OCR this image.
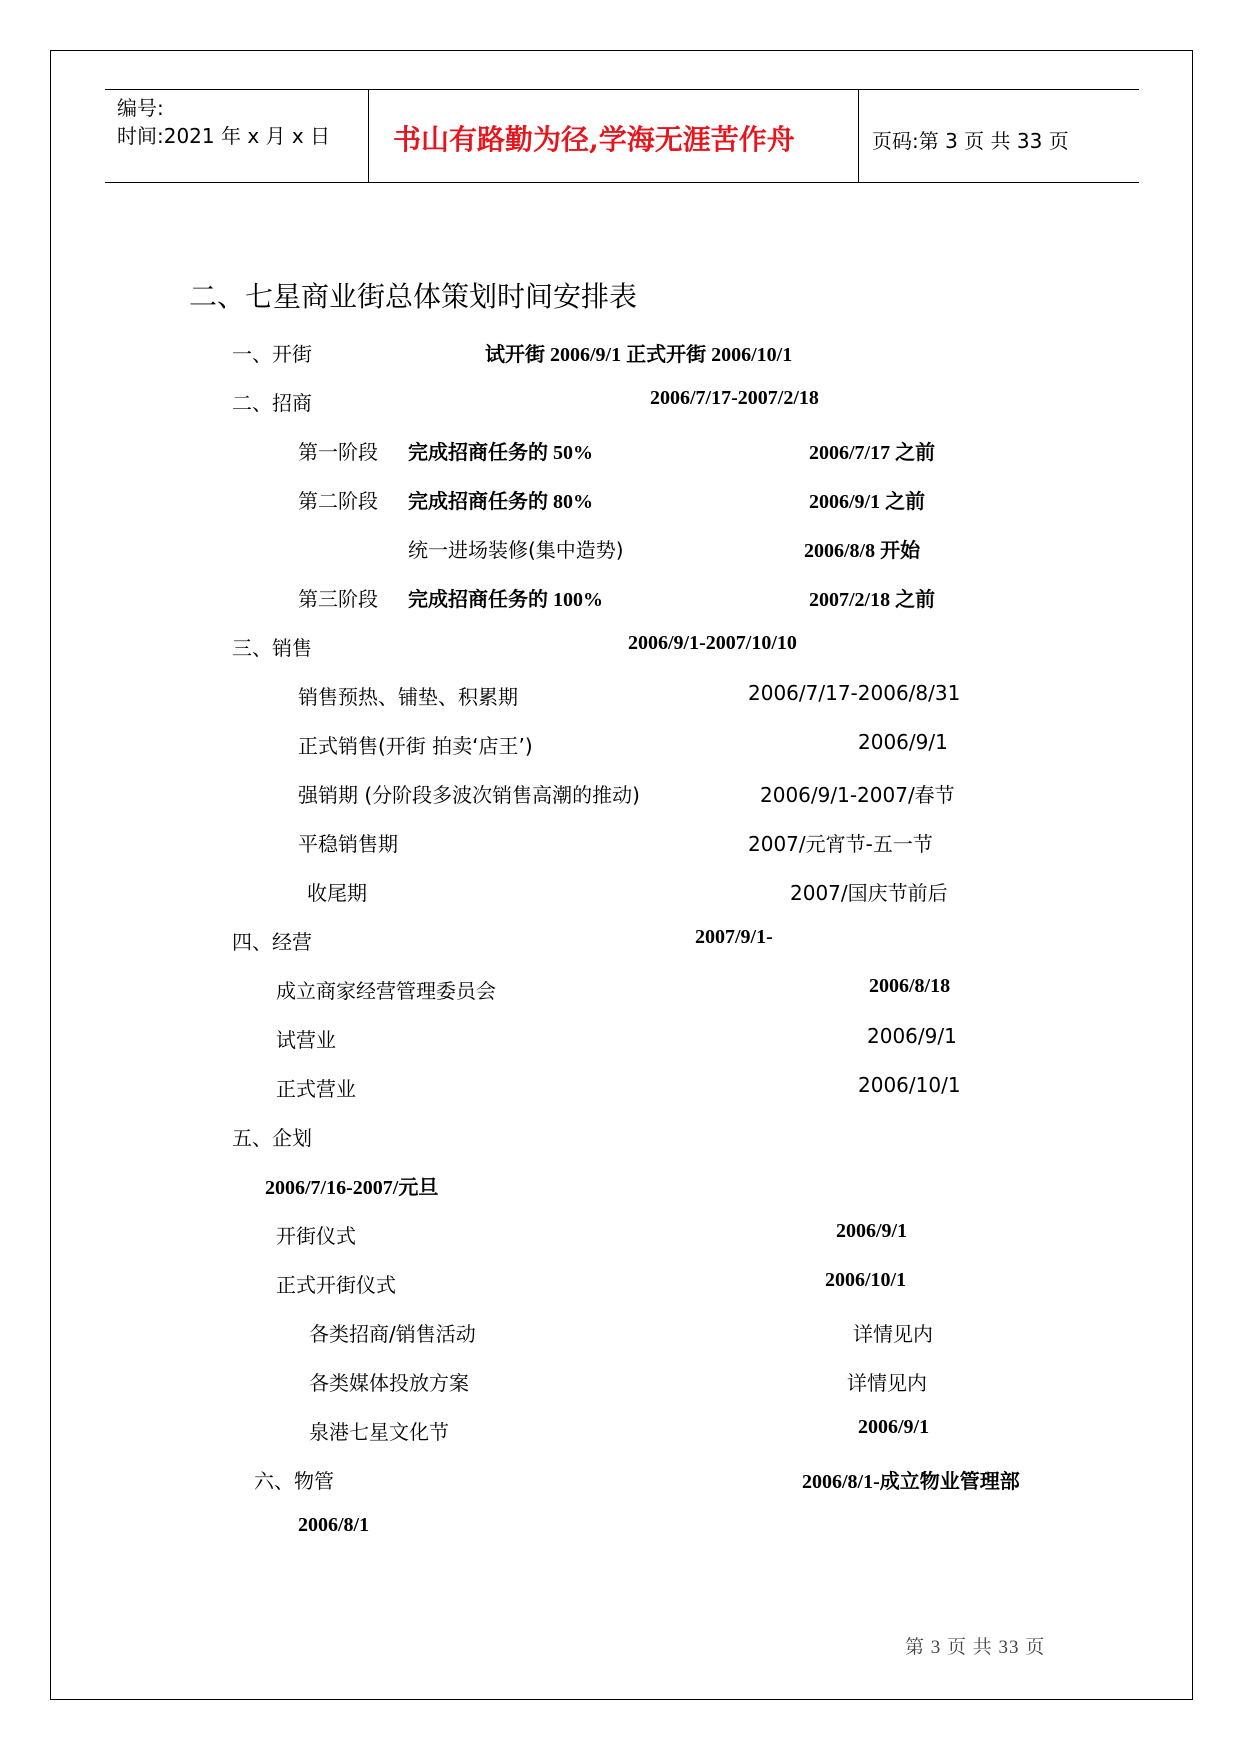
编号:
时间:2021 年 x 月 x 日 书山有路勤为径,学海无涯苦作舟	页码:第 3 页 共 33 页
二、七星商业街总体策划时间安排表
一、开街	试开街 2006/9/1 正式开街 2006/10/1
二、招商	2006/7/17-2007/2/18
第一阶段 完成招商任务的 50%	2006/7/17 之前
第二阶段 完成招商任务的 80%	2006/9/1 之前
统一进场装修(集中造势)	2006/8/8 开始
第三阶段 完成招商任务的 100%	2007/2/18 之前
三、销售	2006/9/1-2007/10/10
销售预热、铺垫、积累期	2006/7/17-2006/8/31
正式销售(开街 拍卖‘店王’)	2006/9/1
强销期 (分阶段多波次销售高潮的推动)	2006/9/1-2007/春节
平稳销售期	2007/元宵节-五一节
收尾期	2007/国庆节前后
四、经营	2007/9/1-
成立商家经营管理委员会	2006/8/18
试营业	2006/9/1
正式营业	2006/10/1
五、企划
2006/7/16-2007/元旦
开街仪式	2006/9/1
正式开街仪式	2006/10/1
各类招商/销售活动	详情见内
各类媒体投放方案	详情见内
泉港七星文化节	2006/9/1
六、物管	2006/8/1-成立物业管理部
2006/8/1
第 3 页 共 33 页
